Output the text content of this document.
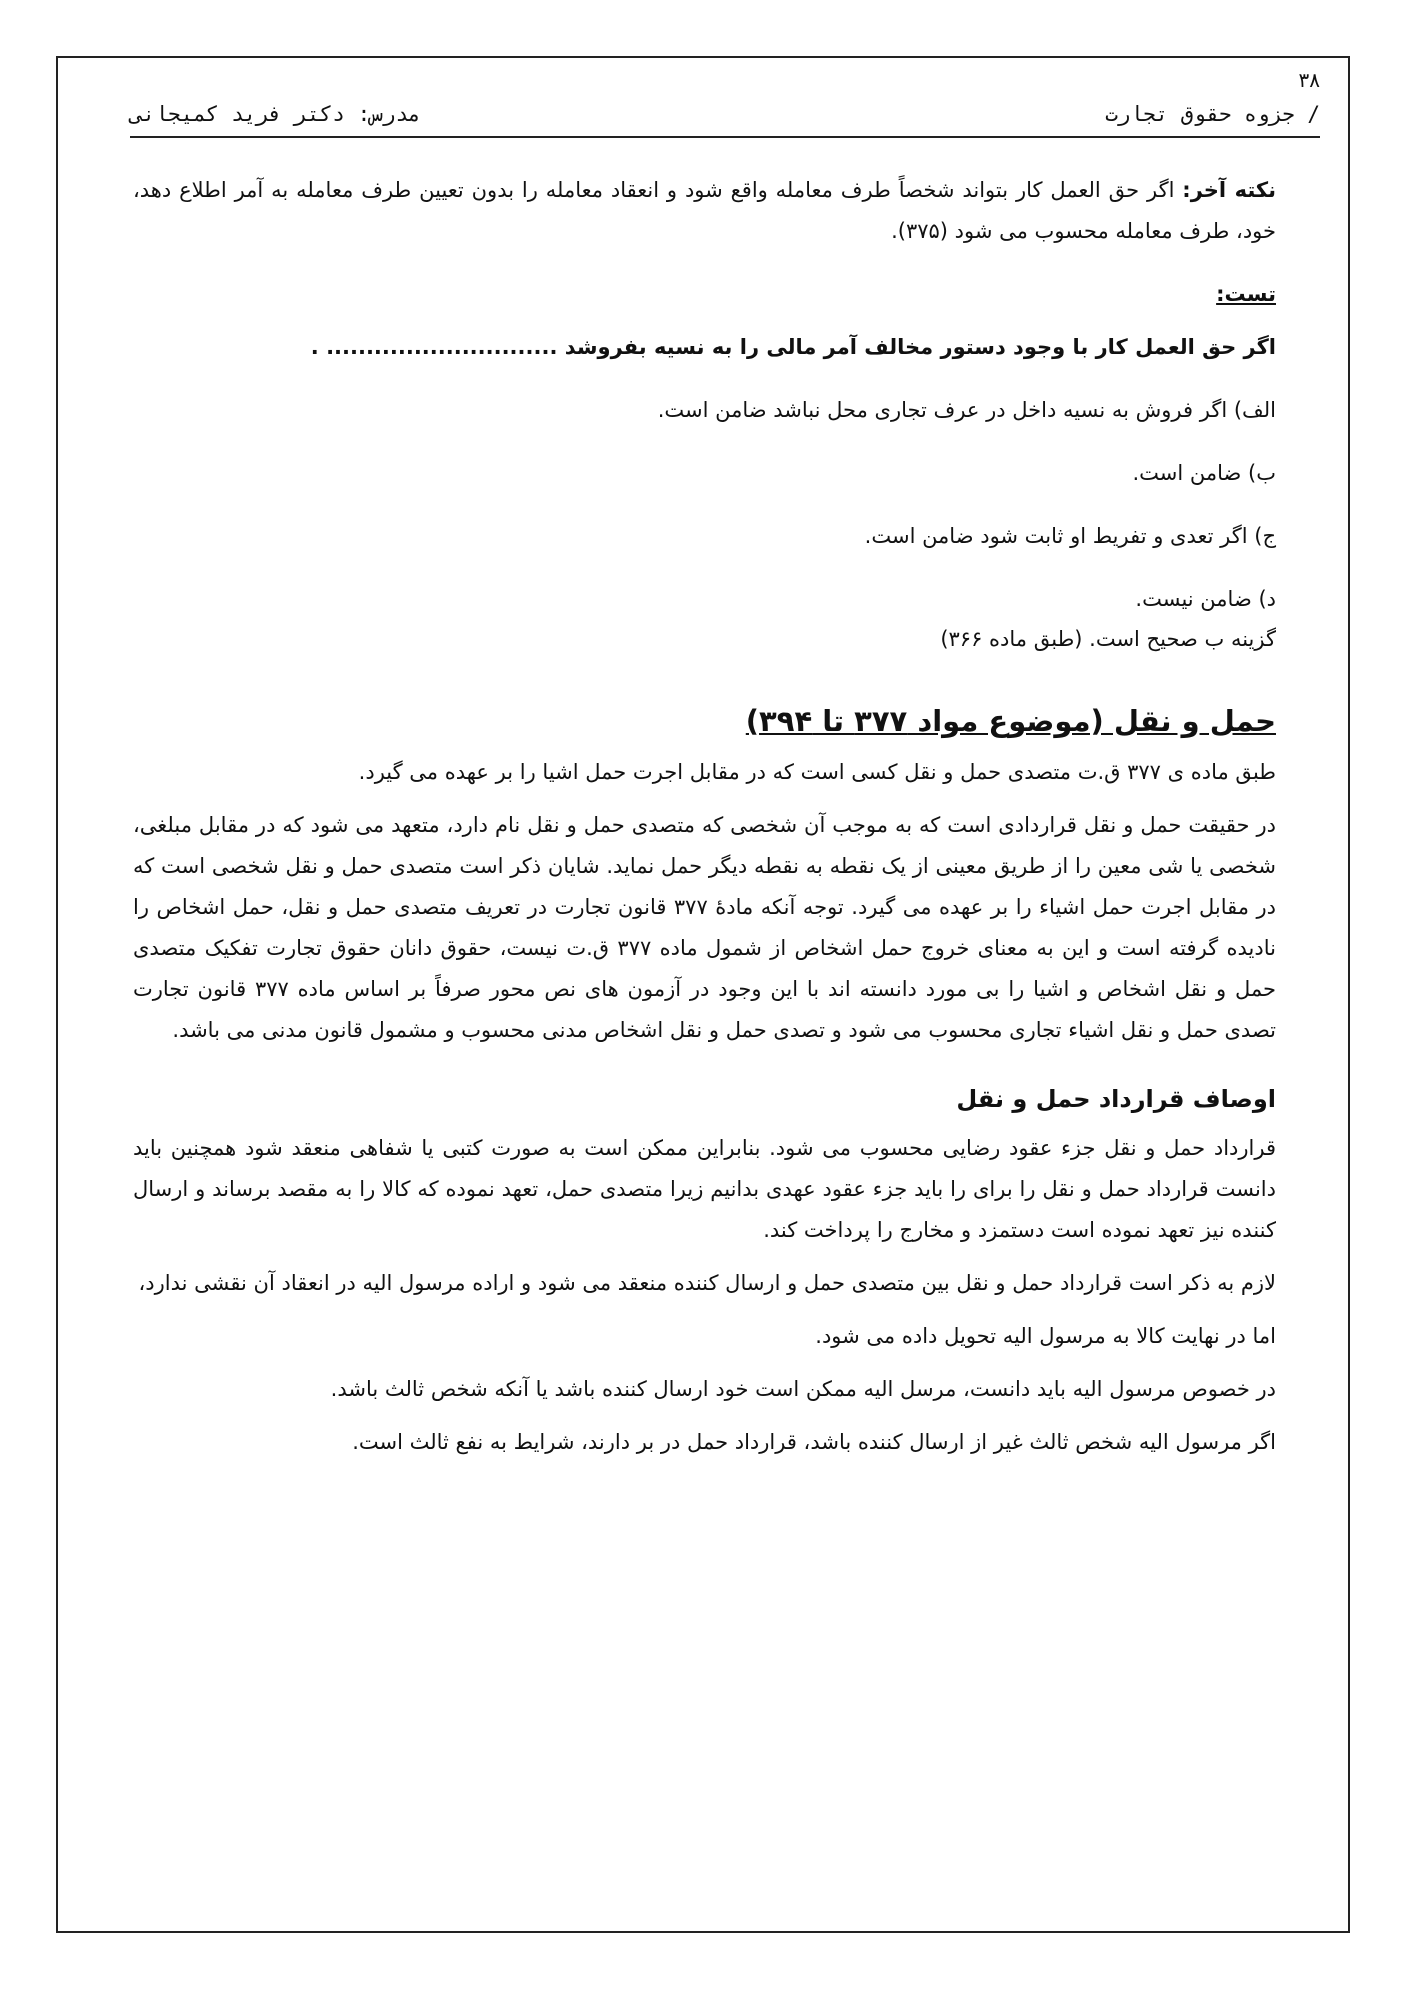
۳۸
/ جزوه حقوق تجارت
مدرس: دکتر فرید کمیجانی

نکته آخر: اگر حق العمل کار بتواند شخصاً طرف معامله واقع شود و انعقاد معامله را بدون تعیین طرف معامله به آمر اطلاع دهد، خود، طرف معامله محسوب می شود (۳۷۵).

تست:

اگر حق العمل کار با وجود دستور مخالف آمر مالی را به نسیه بفروشد ............................. .

الف) اگر فروش به نسیه داخل در عرف تجاری محل نباشد ضامن است.

ب) ضامن است.

ج) اگر تعدی و تفریط او ثابت شود ضامن است.

د) ضامن نیست.

گزینه ب صحیح است. (طبق ماده ۳۶۶)

حمل و نقل (موضوع مواد ۳۷۷ تا ۳۹۴)

طبق ماده ی ۳۷۷ ق.ت متصدی حمل و نقل کسی است که در مقابل اجرت حمل اشیا را بر عهده می گیرد.

در حقیقت حمل و نقل قراردادی است که به موجب آن شخصی که متصدی حمل و نقل نام دارد، متعهد می شود که در مقابل مبلغی، شخصی یا شی معین را از طریق معینی از یک نقطه به نقطه دیگر حمل نماید. شایان ذکر است متصدی حمل و نقل شخصی است که در مقابل اجرت حمل اشیاء را بر عهده می گیرد. توجه آنکه مادهٔ ۳۷۷ قانون تجارت در تعریف متصدی حمل و نقل، حمل اشخاص را نادیده گرفته است و این به معنای خروج حمل اشخاص از شمول ماده ۳۷۷ ق.ت نیست، حقوق دانان حقوق تجارت تفکیک متصدی حمل و نقل اشخاص و اشیا را بی مورد دانسته اند با این وجود در آزمون های نص محور صرفاً بر اساس ماده ۳۷۷ قانون تجارت تصدی حمل و نقل اشیاء تجاری محسوب می شود و تصدی حمل و نقل اشخاص مدنی محسوب و مشمول قانون مدنی می باشد.

اوصاف قرارداد حمل و نقل

قرارداد حمل و نقل جزء عقود رضایی محسوب می شود. بنابراین ممکن است به صورت کتبی یا شفاهی منعقد شود همچنین باید دانست قرارداد حمل و نقل را برای را باید جزء عقود عهدی بدانیم زیرا متصدی حمل، تعهد نموده که کالا را به مقصد برساند و ارسال کننده نیز تعهد نموده است دستمزد و مخارج را پرداخت کند.

لازم به ذکر است قرارداد حمل و نقل بین متصدی حمل و ارسال کننده منعقد می شود و اراده مرسول الیه در انعقاد آن نقشی ندارد،

اما در نهایت کالا به مرسول الیه تحویل داده می شود.

در خصوص مرسول الیه باید دانست، مرسل الیه ممکن است خود ارسال کننده باشد یا آنکه شخص ثالث باشد.

اگر مرسول الیه شخص ثالث غیر از ارسال کننده باشد، قرارداد حمل در بر دارند، شرایط به نفع ثالث است.
